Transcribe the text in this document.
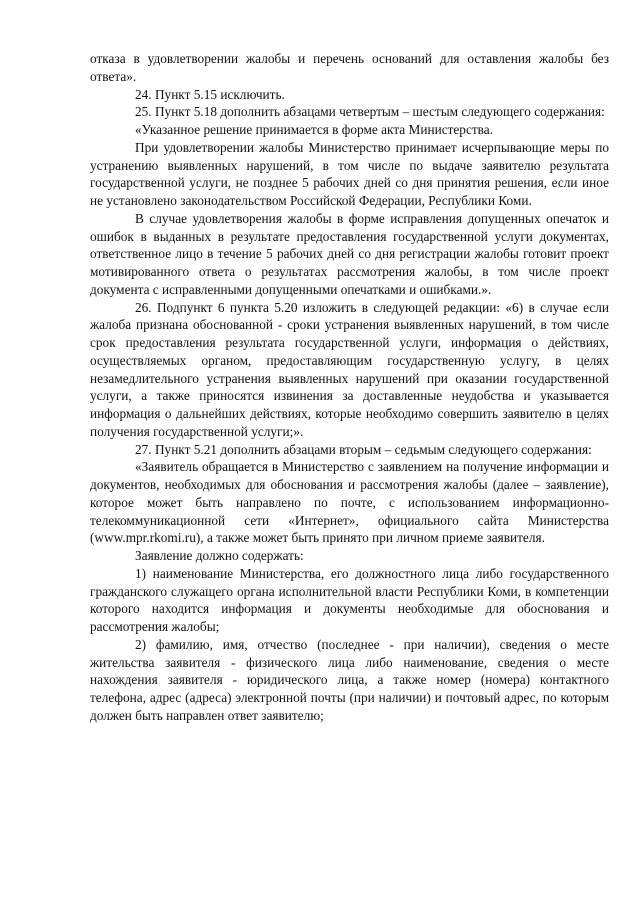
отказа в удовлетворении жалобы и перечень оснований для оставления жалобы без ответа».

24. Пункт 5.15 исключить.

25. Пункт 5.18 дополнить абзацами четвертым – шестым следующего содержания:

«Указанное решение принимается в форме акта Министерства.

При удовлетворении жалобы Министерство принимает исчерпывающие меры по устранению выявленных нарушений, в том числе по выдаче заявителю результата государственной услуги, не позднее 5 рабочих дней со дня принятия решения, если иное не установлено законодательством Российской Федерации, Республики Коми.

В случае удовлетворения жалобы в форме исправления допущенных опечаток и ошибок в выданных в результате предоставления государственной услуги документах, ответственное лицо в течение 5 рабочих дней со дня регистрации жалобы готовит проект мотивированного ответа о результатах рассмотрения жалобы, в том числе проект документа с исправленными допущенными опечатками и ошибками.».

26. Подпункт 6 пункта 5.20 изложить в следующей редакции: «6) в случае если жалоба признана обоснованной - сроки устранения выявленных нарушений, в том числе срок предоставления результата государственной услуги, информация о действиях, осуществляемых органом, предоставляющим государственную услугу, в целях незамедлительного устранения выявленных нарушений при оказании государственной услуги, а также приносятся извинения за доставленные неудобства и указывается информация о дальнейших действиях, которые необходимо совершить заявителю в целях получения государственной услуги;».

27. Пункт 5.21 дополнить абзацами вторым – седьмым следующего содержания:

«Заявитель обращается в Министерство с заявлением на получение информации и документов, необходимых для обоснования и рассмотрения жалобы (далее – заявление), которое может быть направлено по почте, с использованием информационно-телекоммуникационной сети «Интернет», официального сайта Министерства (www.mpr.rkomi.ru), а также может быть принято при личном приеме заявителя.

Заявление должно содержать:

1) наименование Министерства, его должностного лица либо государственного гражданского служащего органа исполнительной власти Республики Коми, в компетенции которого находится информация и документы необходимые для обоснования и рассмотрения жалобы;

2) фамилию, имя, отчество (последнее - при наличии), сведения о месте жительства заявителя - физического лица либо наименование, сведения о месте нахождения заявителя - юридического лица, а также номер (номера) контактного телефона, адрес (адреса) электронной почты (при наличии) и почтовый адрес, по которым должен быть направлен ответ заявителю;
